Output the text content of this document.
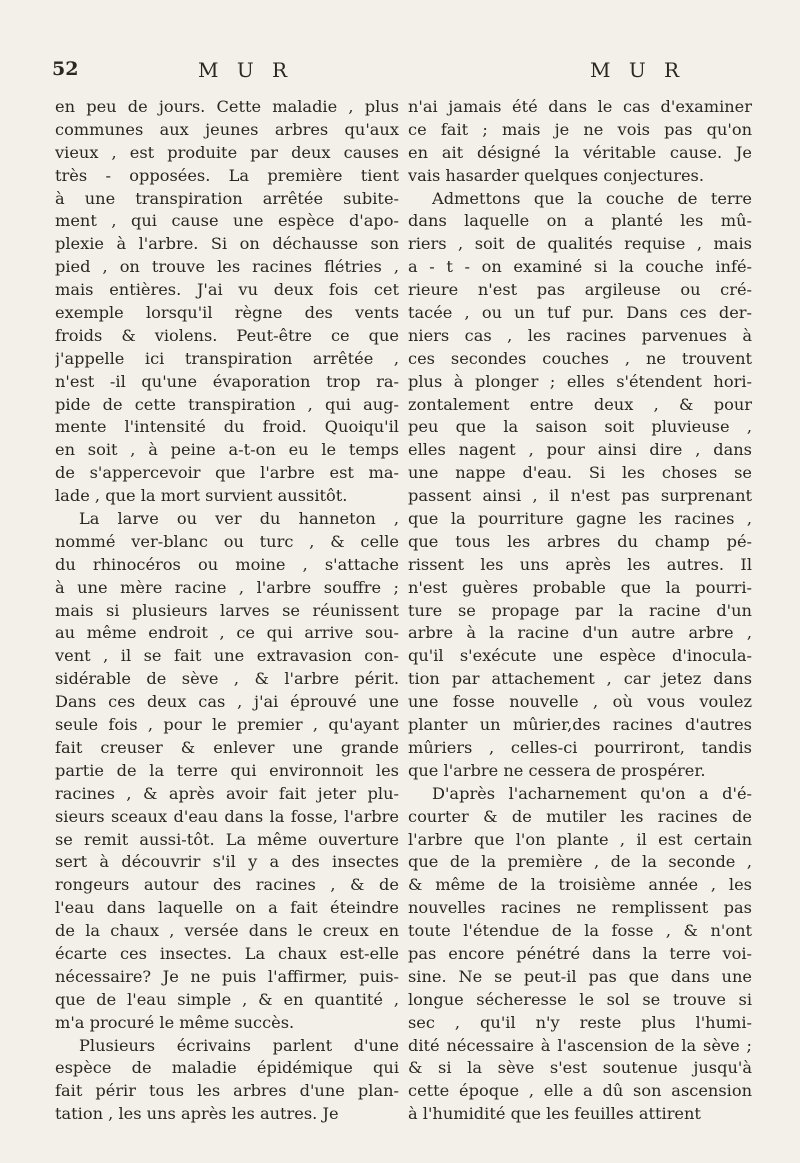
52	M U R	M U R
en peu de jours. Cette maladie , plus
communes aux jeunes arbres qu'aux
vieux , est produite par deux causes
très - opposées. La première tient
à une transpiration arrêtée subite-
ment , qui cause une espèce d'apo-
plexie à l'arbre. Si on déchausse son
pied , on trouve les racines flétries ,
mais entières. J'ai vu deux fois cet
exemple lorsqu'il règne des vents
froids & violens. Peut-être ce que
j'appelle ici transpiration arrêtée ,
n'est -il qu'une évaporation trop ra-
pide de cette transpiration , qui aug-
mente l'intensité du froid. Quoiqu'il
en soit , à peine a-t-on eu le temps
de s'appercevoir que l'arbre est ma-
lade , que la mort survient aussitôt.
La larve ou ver du hanneton ,
nommé ver-blanc ou turc , & celle
du rhinocéros ou moine , s'attache
à une mère racine , l'arbre souffre ;
mais si plusieurs larves se réunissent
au même endroit , ce qui arrive sou-
vent , il se fait une extravasion con-
sidérable de sève , & l'arbre périt.
Dans ces deux cas , j'ai éprouvé une
seule fois , pour le premier , qu'ayant
fait creuser & enlever une grande
partie de la terre qui environnoit les
racines , & après avoir fait jeter plu-
sieurs sceaux d'eau dans la fosse, l'arbre
se remit aussi-tôt. La même ouverture
sert à découvrir s'il y a des insectes
rongeurs autour des racines , & de
l'eau dans laquelle on a fait éteindre
de la chaux , versée dans le creux en
écarte ces insectes. La chaux est-elle
nécessaire? Je ne puis l'affirmer, puis-
que de l'eau simple , & en quantité ,
m'a procuré le même succès.
Plusieurs écrivains parlent d'une
espèce de maladie épidémique qui
fait périr tous les arbres d'une plan-
tation , les uns après les autres. Je
n'ai jamais été dans le cas d'examiner
ce fait ; mais je ne vois pas qu'on
en ait désigné la véritable cause. Je
vais hasarder quelques conjectures.
Admettons que la couche de terre
dans laquelle on a planté les mû-
riers , soit de qualités requise , mais
a - t - on examiné si la couche infé-
rieure n'est pas argileuse ou cré-
tacée , ou un tuf pur. Dans ces der-
niers cas , les racines parvenues à
ces secondes couches , ne trouvent
plus à plonger ; elles s'étendent hori-
zontalement entre deux , & pour
peu que la saison soit pluvieuse ,
elles nagent , pour ainsi dire , dans
une nappe d'eau. Si les choses se
passent ainsi , il n'est pas surprenant
que la pourriture gagne les racines ,
que tous les arbres du champ pé-
rissent les uns après les autres. Il
n'est guères probable que la pourri-
ture se propage par la racine d'un
arbre à la racine d'un autre arbre ,
qu'il s'exécute une espèce d'inocula-
tion par attachement , car jetez dans
une fosse nouvelle , où vous voulez
planter un mûrier,des racines d'autres
mûriers , celles-ci pourriront, tandis
que l'arbre ne cessera de prospérer.
D'après l'acharnement qu'on a d'é-
courter & de mutiler les racines de
l'arbre que l'on plante , il est certain
que de la première , de la seconde ,
& même de la troisième année , les
nouvelles racines ne remplissent pas
toute l'étendue de la fosse , & n'ont
pas encore pénétré dans la terre voi-
sine. Ne se peut-il pas que dans une
longue sécheresse le sol se trouve si
sec , qu'il n'y reste plus l'humi-
dité nécessaire à l'ascension de la sève ;
& si la sève s'est soutenue jusqu'à
cette époque , elle a dû son ascension
à l'humidité que les feuilles attirent
